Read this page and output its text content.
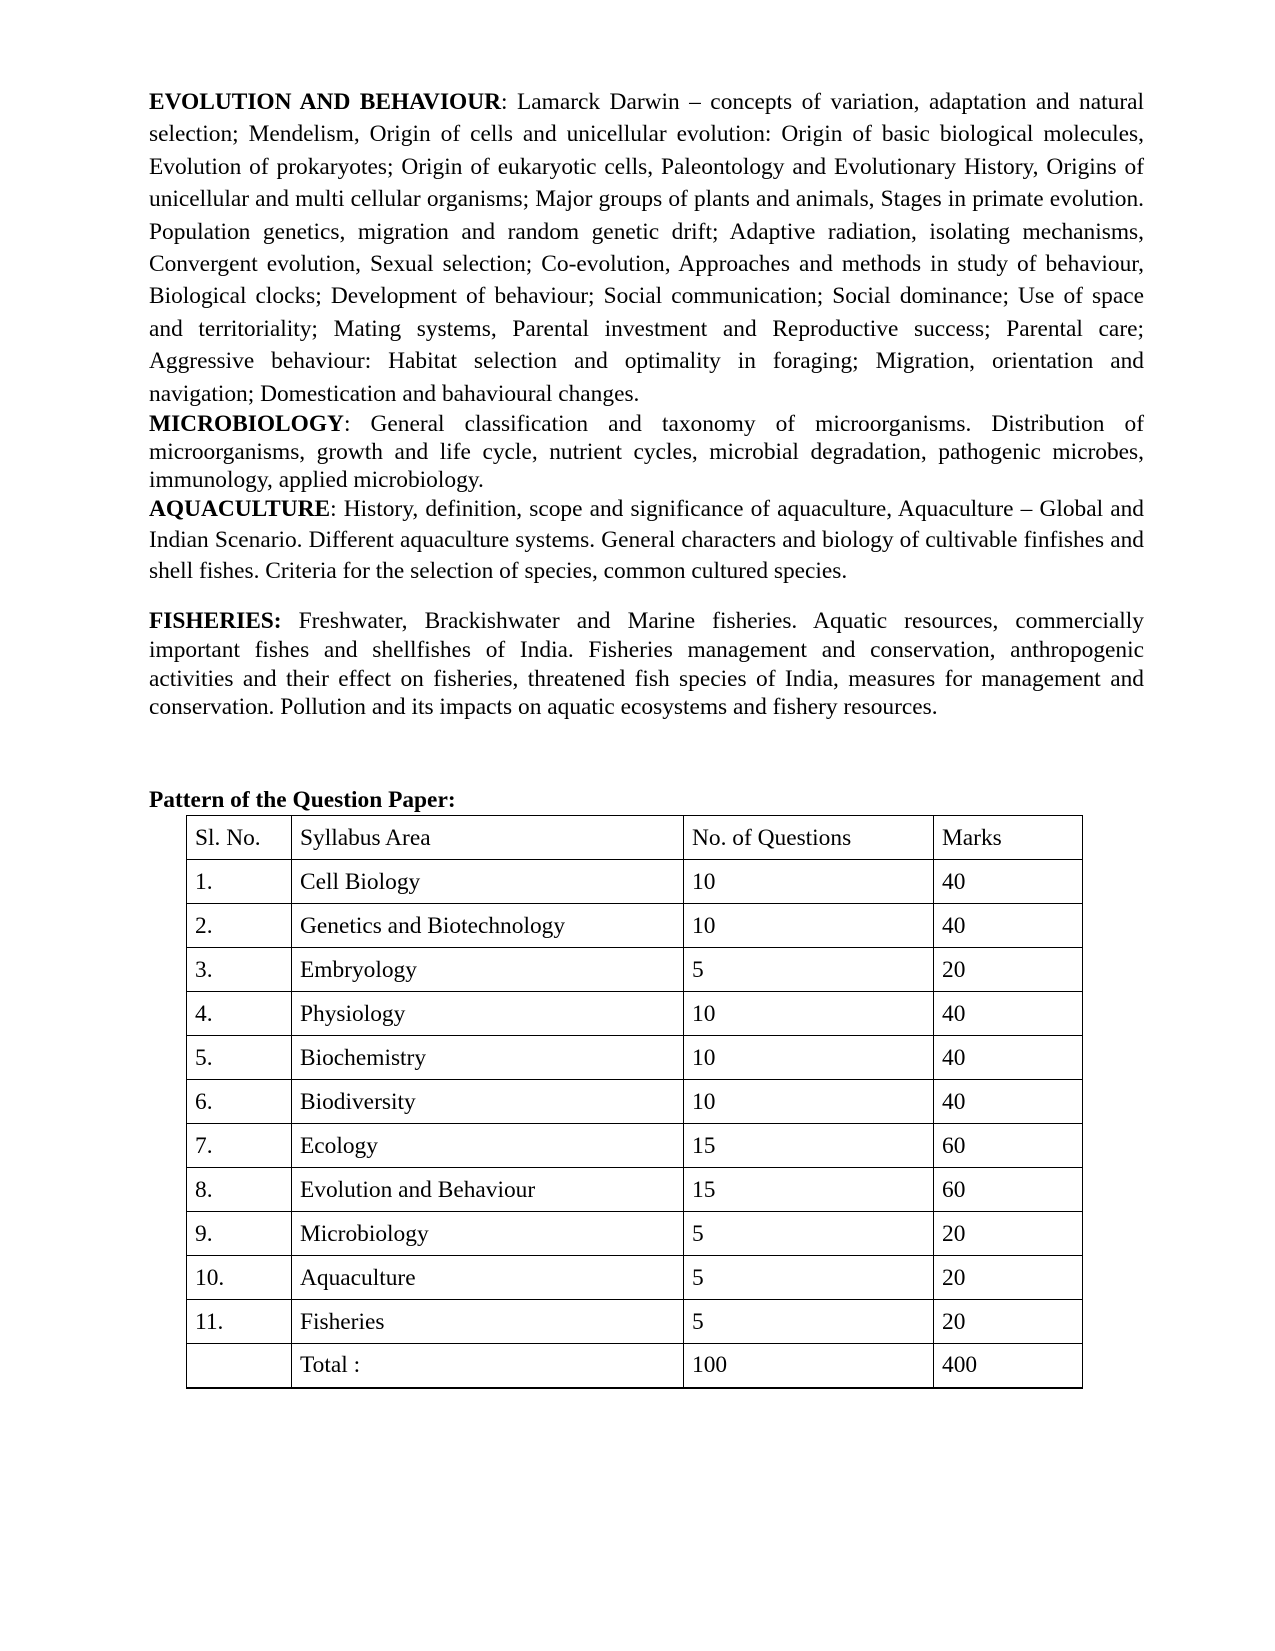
EVOLUTION AND BEHAVIOUR: Lamarck Darwin – concepts of variation, adaptation and natural selection; Mendelism, Origin of cells and unicellular evolution: Origin of basic biological molecules, Evolution of prokaryotes; Origin of eukaryotic cells, Paleontology and Evolutionary History, Origins of unicellular and multi cellular organisms; Major groups of plants and animals, Stages in primate evolution. Population genetics, migration and random genetic drift; Adaptive radiation, isolating mechanisms, Convergent evolution, Sexual selection; Co-evolution, Approaches and methods in study of behaviour, Biological clocks; Development of behaviour; Social communication; Social dominance; Use of space and territoriality; Mating systems, Parental investment and Reproductive success; Parental care; Aggressive behaviour: Habitat selection and optimality in foraging; Migration, orientation and navigation; Domestication and bahavioural changes.

MICROBIOLOGY: General classification and taxonomy of microorganisms. Distribution of microorganisms, growth and life cycle, nutrient cycles, microbial degradation, pathogenic microbes, immunology, applied microbiology.

AQUACULTURE: History, definition, scope and significance of aquaculture, Aquaculture – Global and Indian Scenario. Different aquaculture systems. General characters and biology of cultivable finfishes and shell fishes. Criteria for the selection of species, common cultured species.

FISHERIES: Freshwater, Brackishwater and Marine fisheries. Aquatic resources, commercially important fishes and shellfishes of India. Fisheries management and conservation, anthropogenic activities and their effect on fisheries, threatened fish species of India, measures for management and conservation. Pollution and its impacts on aquatic ecosystems and fishery resources.

Pattern of the Question Paper:

Sl. No.	Syllabus Area	No. of Questions	Marks
1.	Cell Biology	10	40
2.	Genetics and Biotechnology	10	40
3.	Embryology	5	20
4.	Physiology	10	40
5.	Biochemistry	10	40
6.	Biodiversity	10	40
7.	Ecology	15	60
8.	Evolution and Behaviour	15	60
9.	Microbiology	5	20
10.	Aquaculture	5	20
11.	Fisheries	5	20
	Total :	100	400
